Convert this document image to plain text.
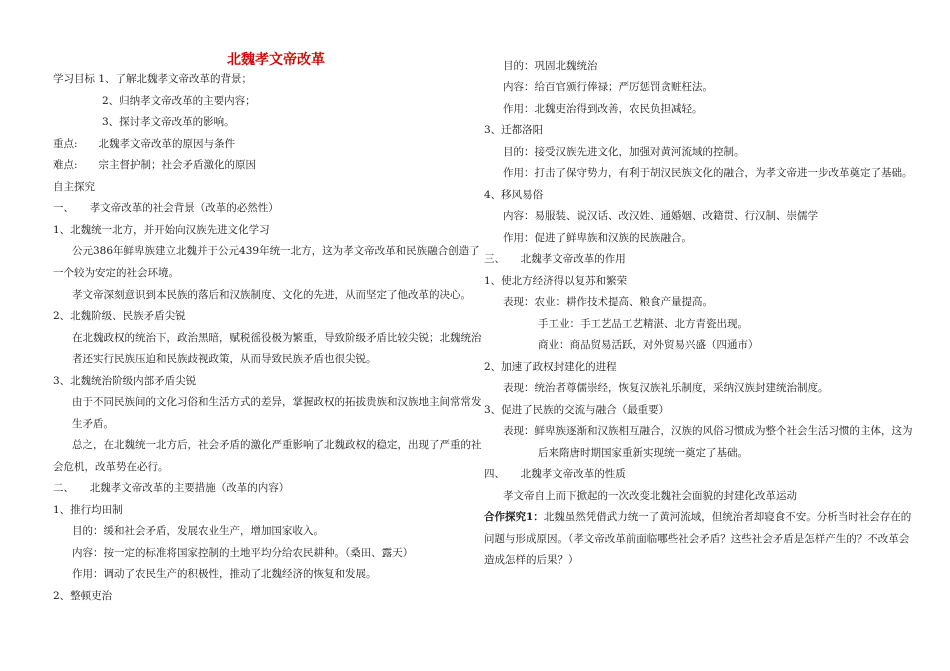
北魏孝文帝改革
学习目标 1、了解北魏孝文帝改革的背景；
2、归纳孝文帝改革的主要内容；
3、探讨孝文帝改革的影响。
重点:　　北魏孝文帝改革的原因与条件
难点:　　宗主督护制；社会矛盾激化的原因
自主探究
一、　　孝文帝改革的社会背景（改革的必然性）
1、北魏统一北方，并开始向汉族先进文化学习
公元386年鲜卑族建立北魏并于公元439年统一北方，这为孝文帝改革和民族融合创造了
一个较为安定的社会环境。
孝文帝深刻意识到本民族的落后和汉族制度、文化的先进，从而坚定了他改革的决心。
2、北魏阶级、民族矛盾尖锐
在北魏政权的统治下，政治黑暗，赋税徭役极为繁重，导致阶级矛盾比较尖锐；北魏统治
者还实行民族压迫和民族歧视政策，从而导致民族矛盾也很尖锐。
3、北魏统治阶级内部矛盾尖锐
由于不同民族间的文化习俗和生活方式的差异，掌握政权的拓拔贵族和汉族地主间常常发
生矛盾。
总之，在北魏统一北方后，社会矛盾的激化严重影响了北魏政权的稳定，出现了严重的社
会危机，改革势在必行。
二、　　北魏孝文帝改革的主要措施（改革的内容）
1、推行均田制
目的：缓和社会矛盾，发展农业生产，增加国家收入。
内容：按一定的标准将国家控制的土地平均分给农民耕种。（桑田、露天）
作用：调动了农民生产的积极性，推动了北魏经济的恢复和发展。
2、整顿吏治
目的：巩固北魏统治
内容：给百官颁行俸禄；严厉惩罚贪赃枉法。
作用：北魏吏治得到改善，农民负担减轻。
3、迁都洛阳
目的：接受汉族先进文化，加强对黄河流域的控制。
作用：打击了保守势力，有利于胡汉民族文化的融合，为孝文帝进一步改革奠定了基础。
4、移风易俗
内容：易服装、说汉话、改汉姓、通婚姻、改籍贯、行汉制、崇儒学
作用：促进了鲜卑族和汉族的民族融合。
三、　　北魏孝文帝改革的作用
1、使北方经济得以复苏和繁荣
表现：农业：耕作技术提高、粮食产量提高。
手工业：手工艺品工艺精湛、北方青瓷出现。
商业：商品贸易活跃，对外贸易兴盛（四通市）
2、加速了政权封建化的进程
表现：统治者尊儒崇经，恢复汉族礼乐制度，采纳汉族封建统治制度。
3、促进了民族的交流与融合（最重要）
表现：鲜卑族逐渐和汉族相互融合，汉族的风俗习惯成为整个社会生活习惯的主体，这为
后来隋唐时期国家重新实现统一奠定了基础。
四、　　北魏孝文帝改革的性质
孝文帝自上而下掀起的一次改变北魏社会面貌的封建化改革运动
合作探究1：北魏虽然凭借武力统一了黄河流域，但统治者却寝食不安。分析当时社会存在的
问题与形成原因。（孝文帝改革前面临哪些社会矛盾？这些社会矛盾是怎样产生的？不改革会
造成怎样的后果？）
